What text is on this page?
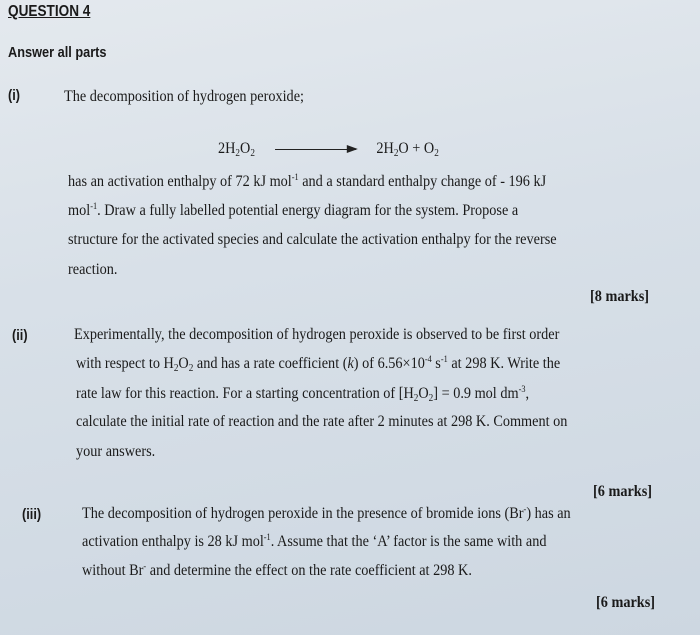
QUESTION 4
Answer all parts
(i)	The decomposition of hydrogen peroxide;
$2H_2O_2$	$2H_2O + O_2$
has an activation enthalpy of 72 kJ mol$^{-1}$ and a standard enthalpy change of - 196 kJ
mol$^{-1}$. Draw a fully labelled potential energy diagram for the system. Propose a
structure for the activated species and calculate the activation enthalpy for the reverse
reaction.
[8 marks]
(ii)	Experimentally, the decomposition of hydrogen peroxide is observed to be first order
with respect to $H_2O_2$ and has a rate coefficient (k) of $6.56\times 10^{-4}$ $s^{-1}$ at 298 K. Write the
rate law for this reaction. For a starting concentration of $[H_2O_2] = 0.9$ mol $dm^{-3}$,
calculate the initial rate of reaction and the rate after 2 minutes at 298 K. Comment on
your answers.
[6 marks]
(iii)	The decomposition of hydrogen peroxide in the presence of bromide ions (Br-) has an
activation enthalpy is 28 kJ mol$^{-1}$. Assume that the ‘A’ factor is the same with and
without Br- and determine the effect on the rate coefficient at 298 K.
[6 marks]
